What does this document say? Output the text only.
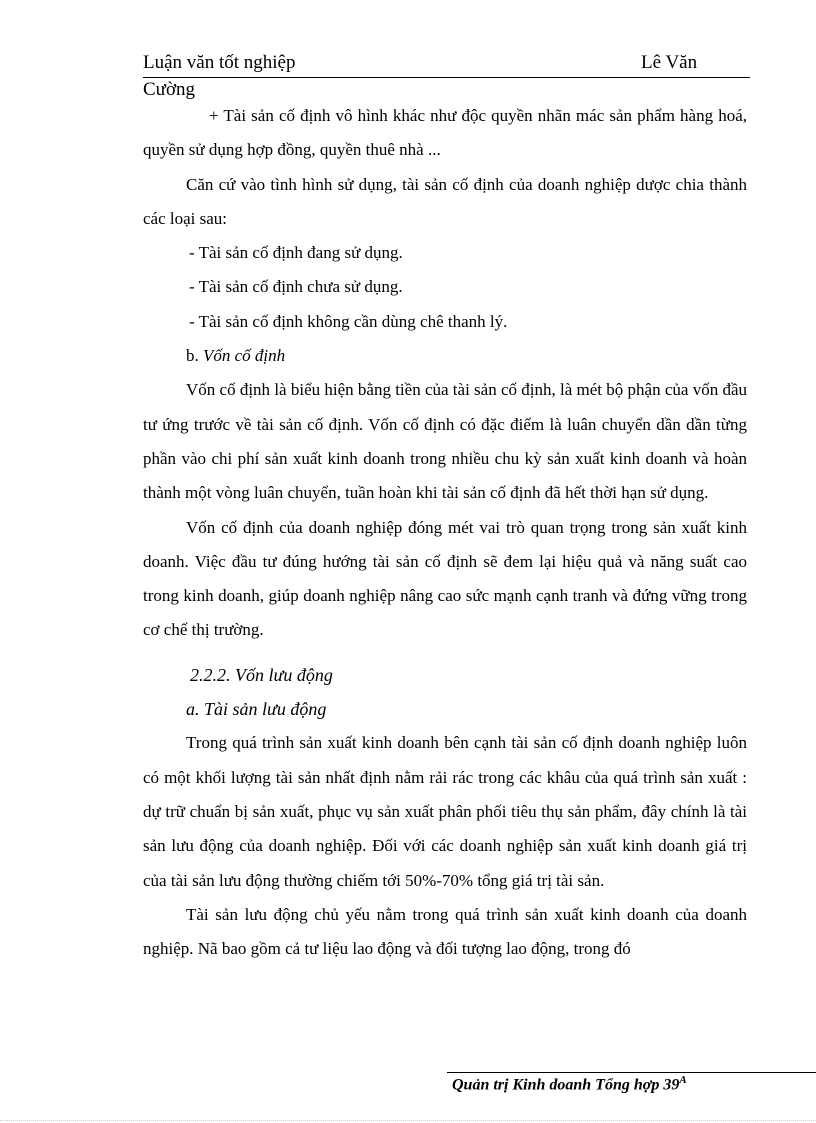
Luận văn tốt nghiệp	Lê Văn
Cường

+ Tài sản cố định vô hình khác như độc quyền nhãn mác sản phẩm hàng hoá, quyền sử dụng hợp đồng, quyền thuê nhà ...

Căn cứ vào tình hình sử dụng, tài sản cố định của doanh nghiệp dược chia thành các loại sau:

- Tài sản cố định đang sử dụng.

- Tài sản cố định chưa sử dụng.

- Tài sản cố định không cần dùng chê thanh lý.

b. Vốn cố định

Vốn cố định là biểu hiện bằng tiền của tài sản cố định, là mét bộ phận của vốn đầu tư ứng trước về tài sản cố định. Vốn cố định có đặc điểm là luân chuyển dần dần từng phần vào chi phí sản xuất kinh doanh trong nhiều chu kỳ sản xuất kinh doanh và hoàn thành một vòng luân chuyển, tuần hoàn khi tài sản cố định đã hết thời hạn sử dụng.

Vốn cố định của doanh nghiệp đóng mét vai trò quan trọng trong sản xuất kinh doanh. Việc đầu tư đúng hướng tài sản cố định sẽ đem lại hiệu quả và năng suất cao trong kinh doanh, giúp doanh nghiệp nâng cao sức mạnh cạnh tranh và đứng vững trong cơ chế thị trường.

2.2.2. Vốn lưu động

a. Tài sản lưu động

Trong quá trình sản xuất kinh doanh bên cạnh tài sản cố định doanh nghiệp luôn có một khối lượng tài sản nhất định nằm rải rác trong các khâu của quá trình sản xuất : dự trữ chuẩn bị sản xuất, phục vụ sản xuất phân phối tiêu thụ sản phẩm, đây chính là tài sản lưu động của doanh nghiệp. Đối với các doanh nghiệp sản xuất kinh doanh giá trị của tài sản lưu động thường chiếm tới 50%-70% tổng giá trị tài sản.

Tài sản lưu động chủ yếu nằm trong quá trình sản xuất kinh doanh của doanh nghiệp. Nã bao gồm cả tư liệu lao động và đối tượng lao động, trong đó

Quản trị Kinh doanh Tổng hợp $39^A$
